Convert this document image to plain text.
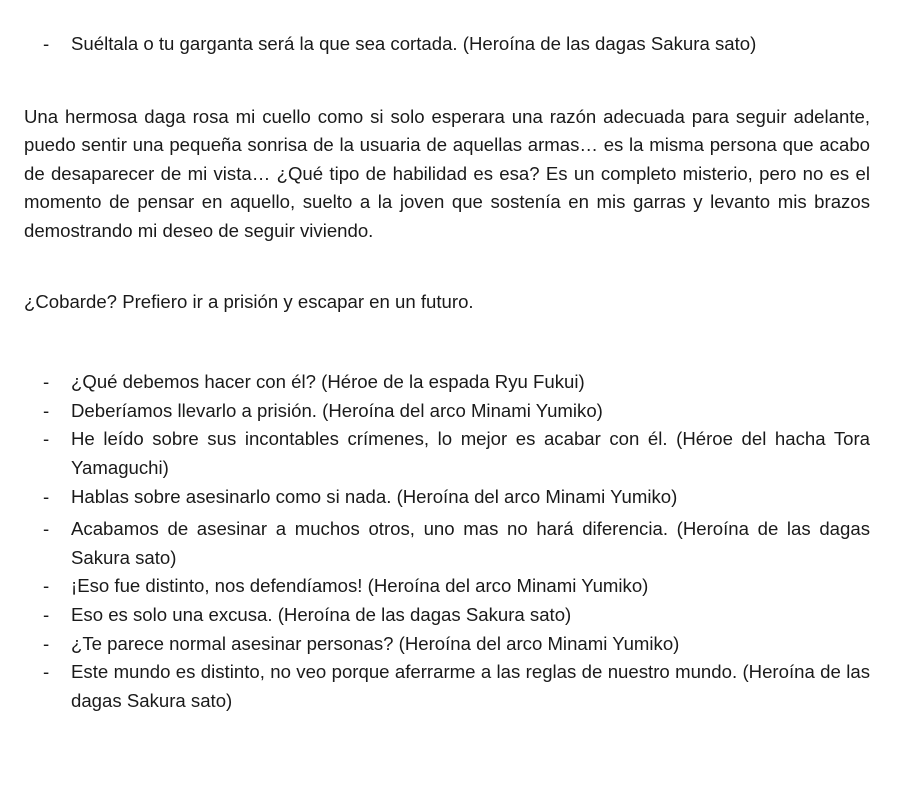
- Suéltala o tu garganta será la que sea cortada. (Heroína de las dagas Sakura sato)

Una hermosa daga rosa mi cuello como si solo esperara una razón adecuada para seguir adelante, puedo sentir una pequeña sonrisa de la usuaria de aquellas armas… es la misma persona que acabo de desaparecer de mi vista… ¿Qué tipo de habilidad es esa? Es un completo misterio, pero no es el momento de pensar en aquello, suelto a la joven que sostenía en mis garras y levanto mis brazos demostrando mi deseo de seguir viviendo.

¿Cobarde? Prefiero ir a prisión y escapar en un futuro.

- ¿Qué debemos hacer con él? (Héroe de la espada Ryu Fukui)
- Deberíamos llevarlo a prisión. (Heroína del arco Minami Yumiko)
- He leído sobre sus incontables crímenes, lo mejor es acabar con él. (Héroe del hacha Tora Yamaguchi)
- Hablas sobre asesinarlo como si nada. (Heroína del arco Minami Yumiko)
- Acabamos de asesinar a muchos otros, uno mas no hará diferencia. (Heroína de las dagas Sakura sato)
- ¡Eso fue distinto, nos defendíamos! (Heroína del arco Minami Yumiko)
- Eso es solo una excusa. (Heroína de las dagas Sakura sato)
- ¿Te parece normal asesinar personas? (Heroína del arco Minami Yumiko)
- Este mundo es distinto, no veo porque aferrarme a las reglas de nuestro mundo. (Heroína de las dagas Sakura sato)
